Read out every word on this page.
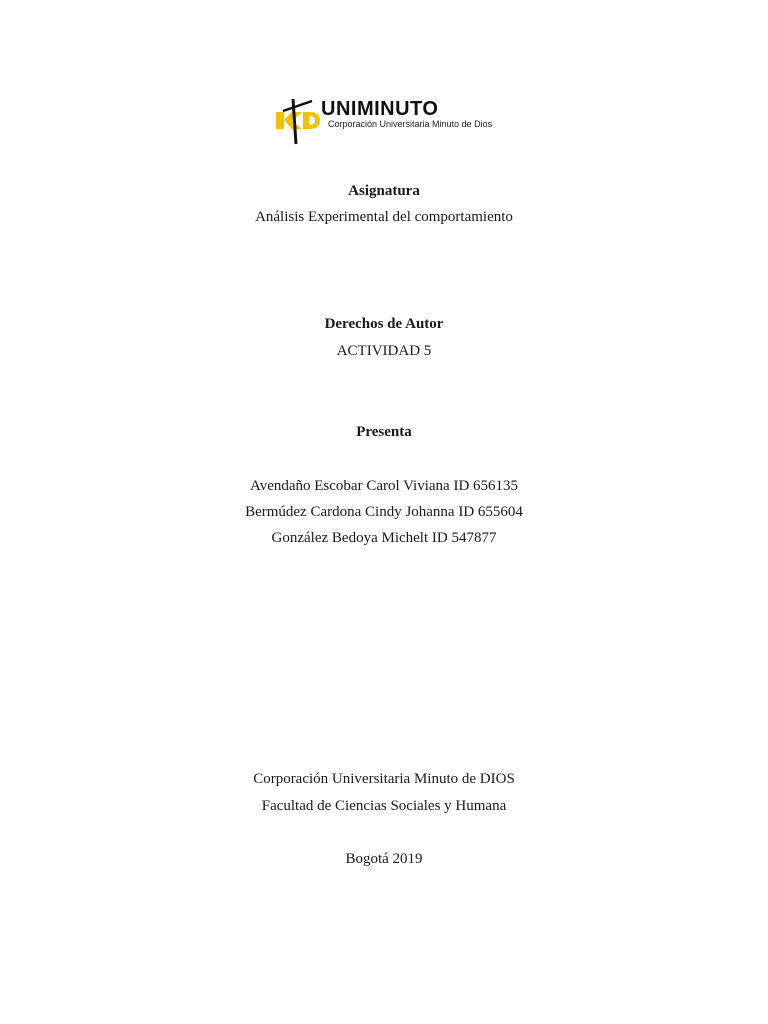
UNIMINUTO

Corporación Universitaria Minuto de Dios

Asignatura

Análisis Experimental del comportamiento

Derechos de Autor

ACTIVIDAD 5

Presenta

Avendaño Escobar Carol Viviana ID 656135

Bermúdez Cardona Cindy Johanna ID 655604

González Bedoya Michelt ID 547877

Corporación Universitaria Minuto de DIOS

Facultad de Ciencias Sociales y Humana

Bogotá 2019
